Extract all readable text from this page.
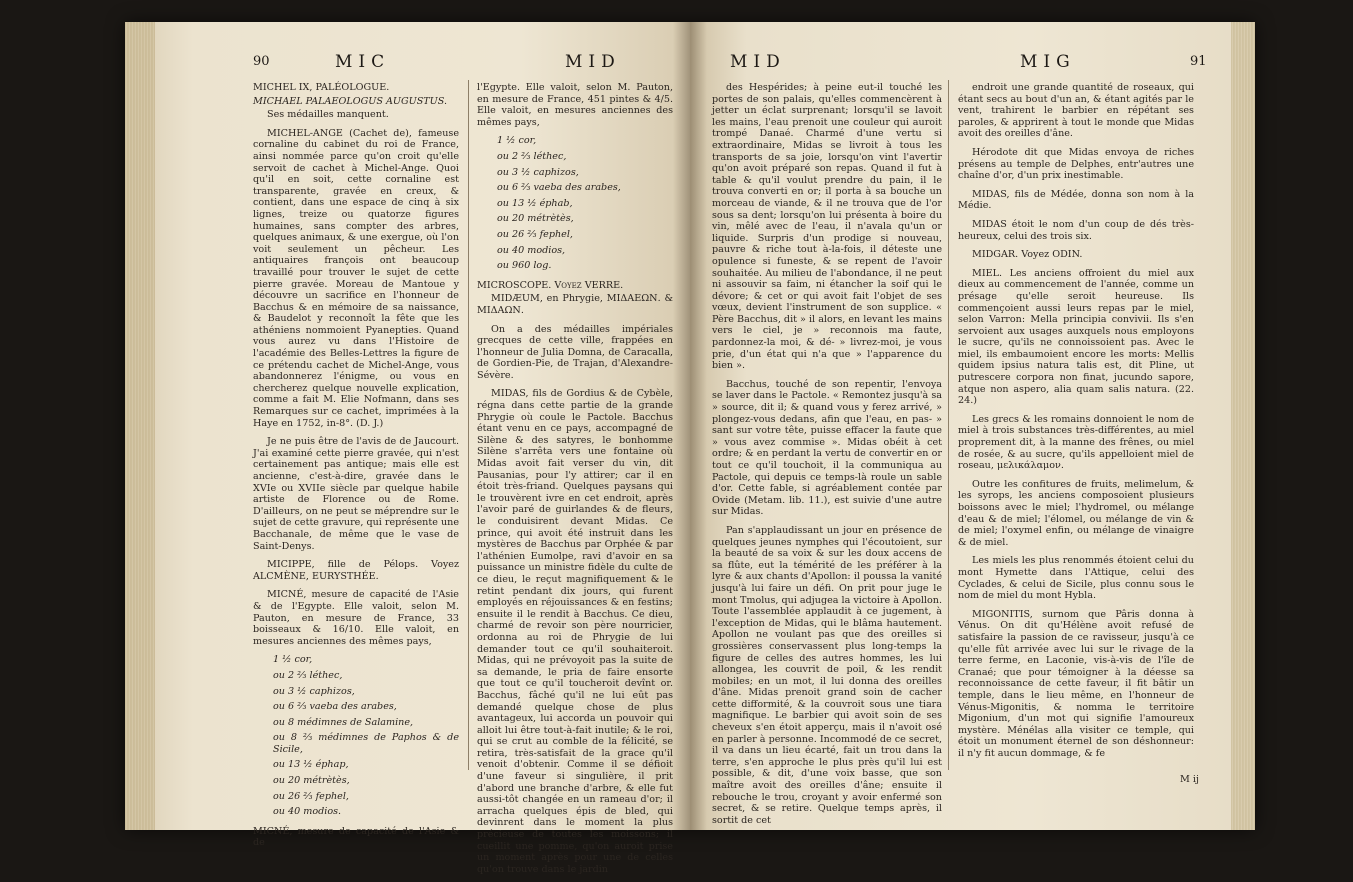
90	MIC	MID

MICHEL IX, PALÉOLOGUE.

MICHAEL PALAEOLOGUS AUGUSTUS.

Ses médailles manquent.

MICHEL-ANGE (Cachet de), fameuse cornaline du cabinet du roi de France, ainsi nommée parce qu'on croit qu'elle servoit de cachet à Michel-Ange. Quoi qu'il en soit, cette cornaline est transparente, gravée en creux, & contient, dans une espace de cinq à six lignes, treize ou quatorze figures humaines, sans compter des arbres, quelques animaux, & une exergue, où l'on voit seulement un pêcheur. Les antiquaires françois ont beaucoup travaillé pour trouver le sujet de cette pierre gravée. Moreau de Mantoue y découvre un sacrifice en l'honneur de Bacchus & en mémoire de sa naissance, & Baudelot y reconnoît la fête que les athéniens nommoient Pyanepties. Quand vous aurez vu dans l'Histoire de l'académie des Belles-Lettres la figure de ce prétendu cachet de Michel-Ange, vous abandonnerez l'énigme, ou vous en chercherez quelque nouvelle explication, comme a fait M. Elie Nofmann, dans ses Remarques sur ce cachet, imprimées à la Haye en 1752, in-8°. (D. J.)

Je ne puis être de l'avis de de Jaucourt. J'ai examiné cette pierre gravée, qui n'est certainement pas antique; mais elle est ancienne, c'est-à-dire, gravée dans le XVIe ou XVIIe siècle par quelque habile artiste de Florence ou de Rome. D'ailleurs, on ne peut se méprendre sur le sujet de cette gravure, qui représente une Bacchanale, de même que le vase de Saint-Denys.

MICIPPE, fille de Pélops. Voyez ALCMÈNE, EURYSTHÉE.

MICNÉ, mesure de capacité de l'Asie & de l'Egypte. Elle valoit, selon M. Pauton, en mesure de France, 33 boisseaux & 16/10. Elle valoit, en mesures anciennes des mêmes pays,

1 ½ cor,
ou 2 ⅔ léthec,
ou 3 ½ caphizos,
ou 6 ⅔ vaeba des arabes,
ou 8 médimnes de Salamine,
ou 8 ⅔ médimnes de Paphos & de Sicile,
ou 13 ½ éphap,
ou 20 métrètès,
ou 26 ⅔ fephel,
ou 40 modios.

MICNÉ, mesure de capacité de l'Asie & de

l'Egypte. Elle valoit, selon M. Pauton, en mesure de France, 451 pintes & 4/5. Elle valoit, en mesures anciennes des mêmes pays,

1 ½ cor,
ou 2 ⅔ léthec,
ou 3 ½ caphizos,
ou 6 ⅔ vaeba des arabes,
ou 13 ½ éphab,
ou 20 métrètès,
ou 26 ⅔ fephel,
ou 40 modios,
ou 960 log.

MICROSCOPE. Voyez VERRE.

MIDÆUM, en Phrygie, ΜΙΔΑΕΩΝ. & ΜΙΔΑΩΝ.

On a des médailles impériales grecques de cette ville, frappées en l'honneur de Julia Domna, de Caracalla, de Gordien-Pie, de Trajan, d'Alexandre-Sévère.

MIDAS, fils de Gordius & de Cybèle, régna dans cette partie de la grande Phrygie où coule le Pactole. Bacchus étant venu en ce pays, accompagné de Silène & des satyres, le bonhomme Silène s'arrêta vers une fontaine où Midas avoit fait verser du vin, dit Pausanias, pour l'y attirer; car il en étoit très-friand. Quelques paysans qui le trouvèrent ivre en cet endroit, après l'avoir paré de guirlandes & de fleurs, le conduisirent devant Midas. Ce prince, qui avoit été instruit dans les mystères de Bacchus par Orphée & par l'athénien Eumolpe, ravi d'avoir en sa puissance un ministre fidèle du culte de ce dieu, le reçut magnifiquement & le retint pendant dix jours, qui furent employés en réjouissances & en festins; ensuite il le rendit à Bacchus. Ce dieu, charmé de revoir son père nourricier, ordonna au roi de Phrygie de lui demander tout ce qu'il souhaiteroit. Midas, qui ne prévoyoit pas la suite de sa demande, le pria de faire ensorte que tout ce qu'il toucheroit devînt or. Bacchus, fâché qu'il ne lui eût pas demandé quelque chose de plus avantageux, lui accorda un pouvoir qui alloit lui être tout-à-fait inutile; & le roi, qui se crut au comble de la félicité, se retira, très-satisfait de la grace qu'il venoit d'obtenir. Comme il se défioit d'une faveur si singulière, il prit d'abord une branche d'arbre, & elle fut aussi-tôt changée en un rameau d'or; il arracha quelques épis de bled, qui devinrent dans le moment la plus précieuse de toutes les moissons; il cueillit une pomme, qu'on auroit prise un moment après pour une de celles qu'on trouve dans le jardin

MID	MIG	91

des Hespérides; à peine eut-il touché les portes de son palais, qu'elles commencèrent à jetter un éclat surprenant; lorsqu'il se lavoit les mains, l'eau prenoit une couleur qui auroit trompé Danaé. Charmé d'une vertu si extraordinaire, Midas se livroit à tous les transports de sa joie, lorsqu'on vint l'avertir qu'on avoit préparé son repas. Quand il fut à table & qu'il voulut prendre du pain, il le trouva converti en or; il porta à sa bouche un morceau de viande, & il ne trouva que de l'or sous sa dent; lorsqu'on lui présenta à boire du vin, mêlé avec de l'eau, il n'avala qu'un or liquide. Surpris d'un prodige si nouveau, pauvre & riche tout à-la-fois, il déteste une opulence si funeste, & se repent de l'avoir souhaitée. Au milieu de l'abondance, il ne peut ni assouvir sa faim, ni étancher la soif qui le dévore; & cet or qui avoit fait l'objet de ses vœux, devient l'instrument de son supplice. « Père Bacchus, dit » il alors, en levant les mains vers le ciel, je » reconnois ma faute, pardonnez-la moi, & dé- » livrez-moi, je vous prie, d'un état qui n'a que » l'apparence du bien ».

Bacchus, touché de son repentir, l'envoya se laver dans le Pactole. « Remontez jusqu'à sa » source, dit il; & quand vous y ferez arrivé, » plongez-vous dedans, afin que l'eau, en pas- » sant sur votre tête, puisse effacer la faute que » vous avez commise ». Midas obéit à cet ordre; & en perdant la vertu de convertir en or tout ce qu'il touchoit, il la communiqua au Pactole, qui depuis ce temps-là roule un sable d'or. Cette fable, si agréablement contée par Ovide (Metam. lib. 11.), est suivie d'une autre sur Midas.

Pan s'applaudissant un jour en présence de quelques jeunes nymphes qui l'écoutoient, sur la beauté de sa voix & sur les doux accens de sa flûte, eut la témérité de les préférer à la lyre & aux chants d'Apollon: il poussa la vanité jusqu'à lui faire un défi. On prit pour juge le mont Tmolus, qui adjugea la victoire à Apollon. Toute l'assemblée applaudit à ce jugement, à l'exception de Midas, qui le blâma hautement. Apollon ne voulant pas que des oreilles si grossières conservassent plus long-temps la figure de celles des autres hommes, les lui allongea, les couvrit de poil, & les rendit mobiles; en un mot, il lui donna des oreilles d'âne. Midas prenoit grand soin de cacher cette difformité, & la couvroit sous une tiara magnifique. Le barbier qui avoit soin de ses cheveux s'en étoit apperçu, mais il n'avoit osé en parler à personne. Incommodé de ce secret, il va dans un lieu écarté, fait un trou dans la terre, s'en approche le plus près qu'il lui est possible, & dit, d'une voix basse, que son maître avoit des oreilles d'âne; ensuite il rebouche le trou, croyant y avoir enfermé son secret, & se retire. Quelque temps après, il sortit de cet

endroit une grande quantité de roseaux, qui étant secs au bout d'un an, & étant agités par le vent, trahirent le barbier en répétant ses paroles, & apprirent à tout le monde que Midas avoit des oreilles d'âne.

Hérodote dit que Midas envoya de riches présens au temple de Delphes, entr'autres une chaîne d'or, d'un prix inestimable.

MIDAS, fils de Médée, donna son nom à la Médie.

MIDAS étoit le nom d'un coup de dés très-heureux, celui des trois six.

MIDGAR. Voyez ODIN.

MIEL. Les anciens offroient du miel aux dieux au commencement de l'année, comme un présage qu'elle seroit heureuse. Ils commençoient aussi leurs repas par le miel, selon Varron: Mella principia convivii. Ils s'en servoient aux usages auxquels nous employons le sucre, qu'ils ne connoissoient pas. Avec le miel, ils embaumoient encore les morts: Mellis quidem ipsius natura talis est, dit Pline, ut putrescere corpora non finat, jucundo sapore, atque non aspero, alia quam salis natura. (22. 24.)

Les grecs & les romains donnoient le nom de miel à trois substances très-différentes, au miel proprement dit, à la manne des frênes, ou miel de rosée, & au sucre, qu'ils appelloient miel de roseau, μελικάλαμον.

Outre les confitures de fruits, melimelum, & les syrops, les anciens composoient plusieurs boissons avec le miel; l'hydromel, ou mélange d'eau & de miel; l'élomel, ou mélange de vin & de miel; l'oxymel enfin, ou mélange de vinaigre & de miel.

Les miels les plus renommés étoient celui du mont Hymette dans l'Attique, celui des Cyclades, & celui de Sicile, plus connu sous le nom de miel du mont Hybla.

MIGONITIS, surnom que Pâris donna à Vénus. On dit qu'Hélène avoit refusé de satisfaire la passion de ce ravisseur, jusqu'à ce qu'elle fût arrivée avec lui sur le rivage de la terre ferme, en Laconie, vis-à-vis de l'île de Cranaé; que pour témoigner à la déesse sa reconnoissance de cette faveur, il fit bâtir un temple, dans le lieu même, en l'honneur de Vénus-Migonitis, & nomma le territoire Migonium, d'un mot qui signifie l'amoureux mystère. Ménélas alla visiter ce temple, qui étoit un monument éternel de son déshonneur: il n'y fit aucun dommage, & fe

M ij
